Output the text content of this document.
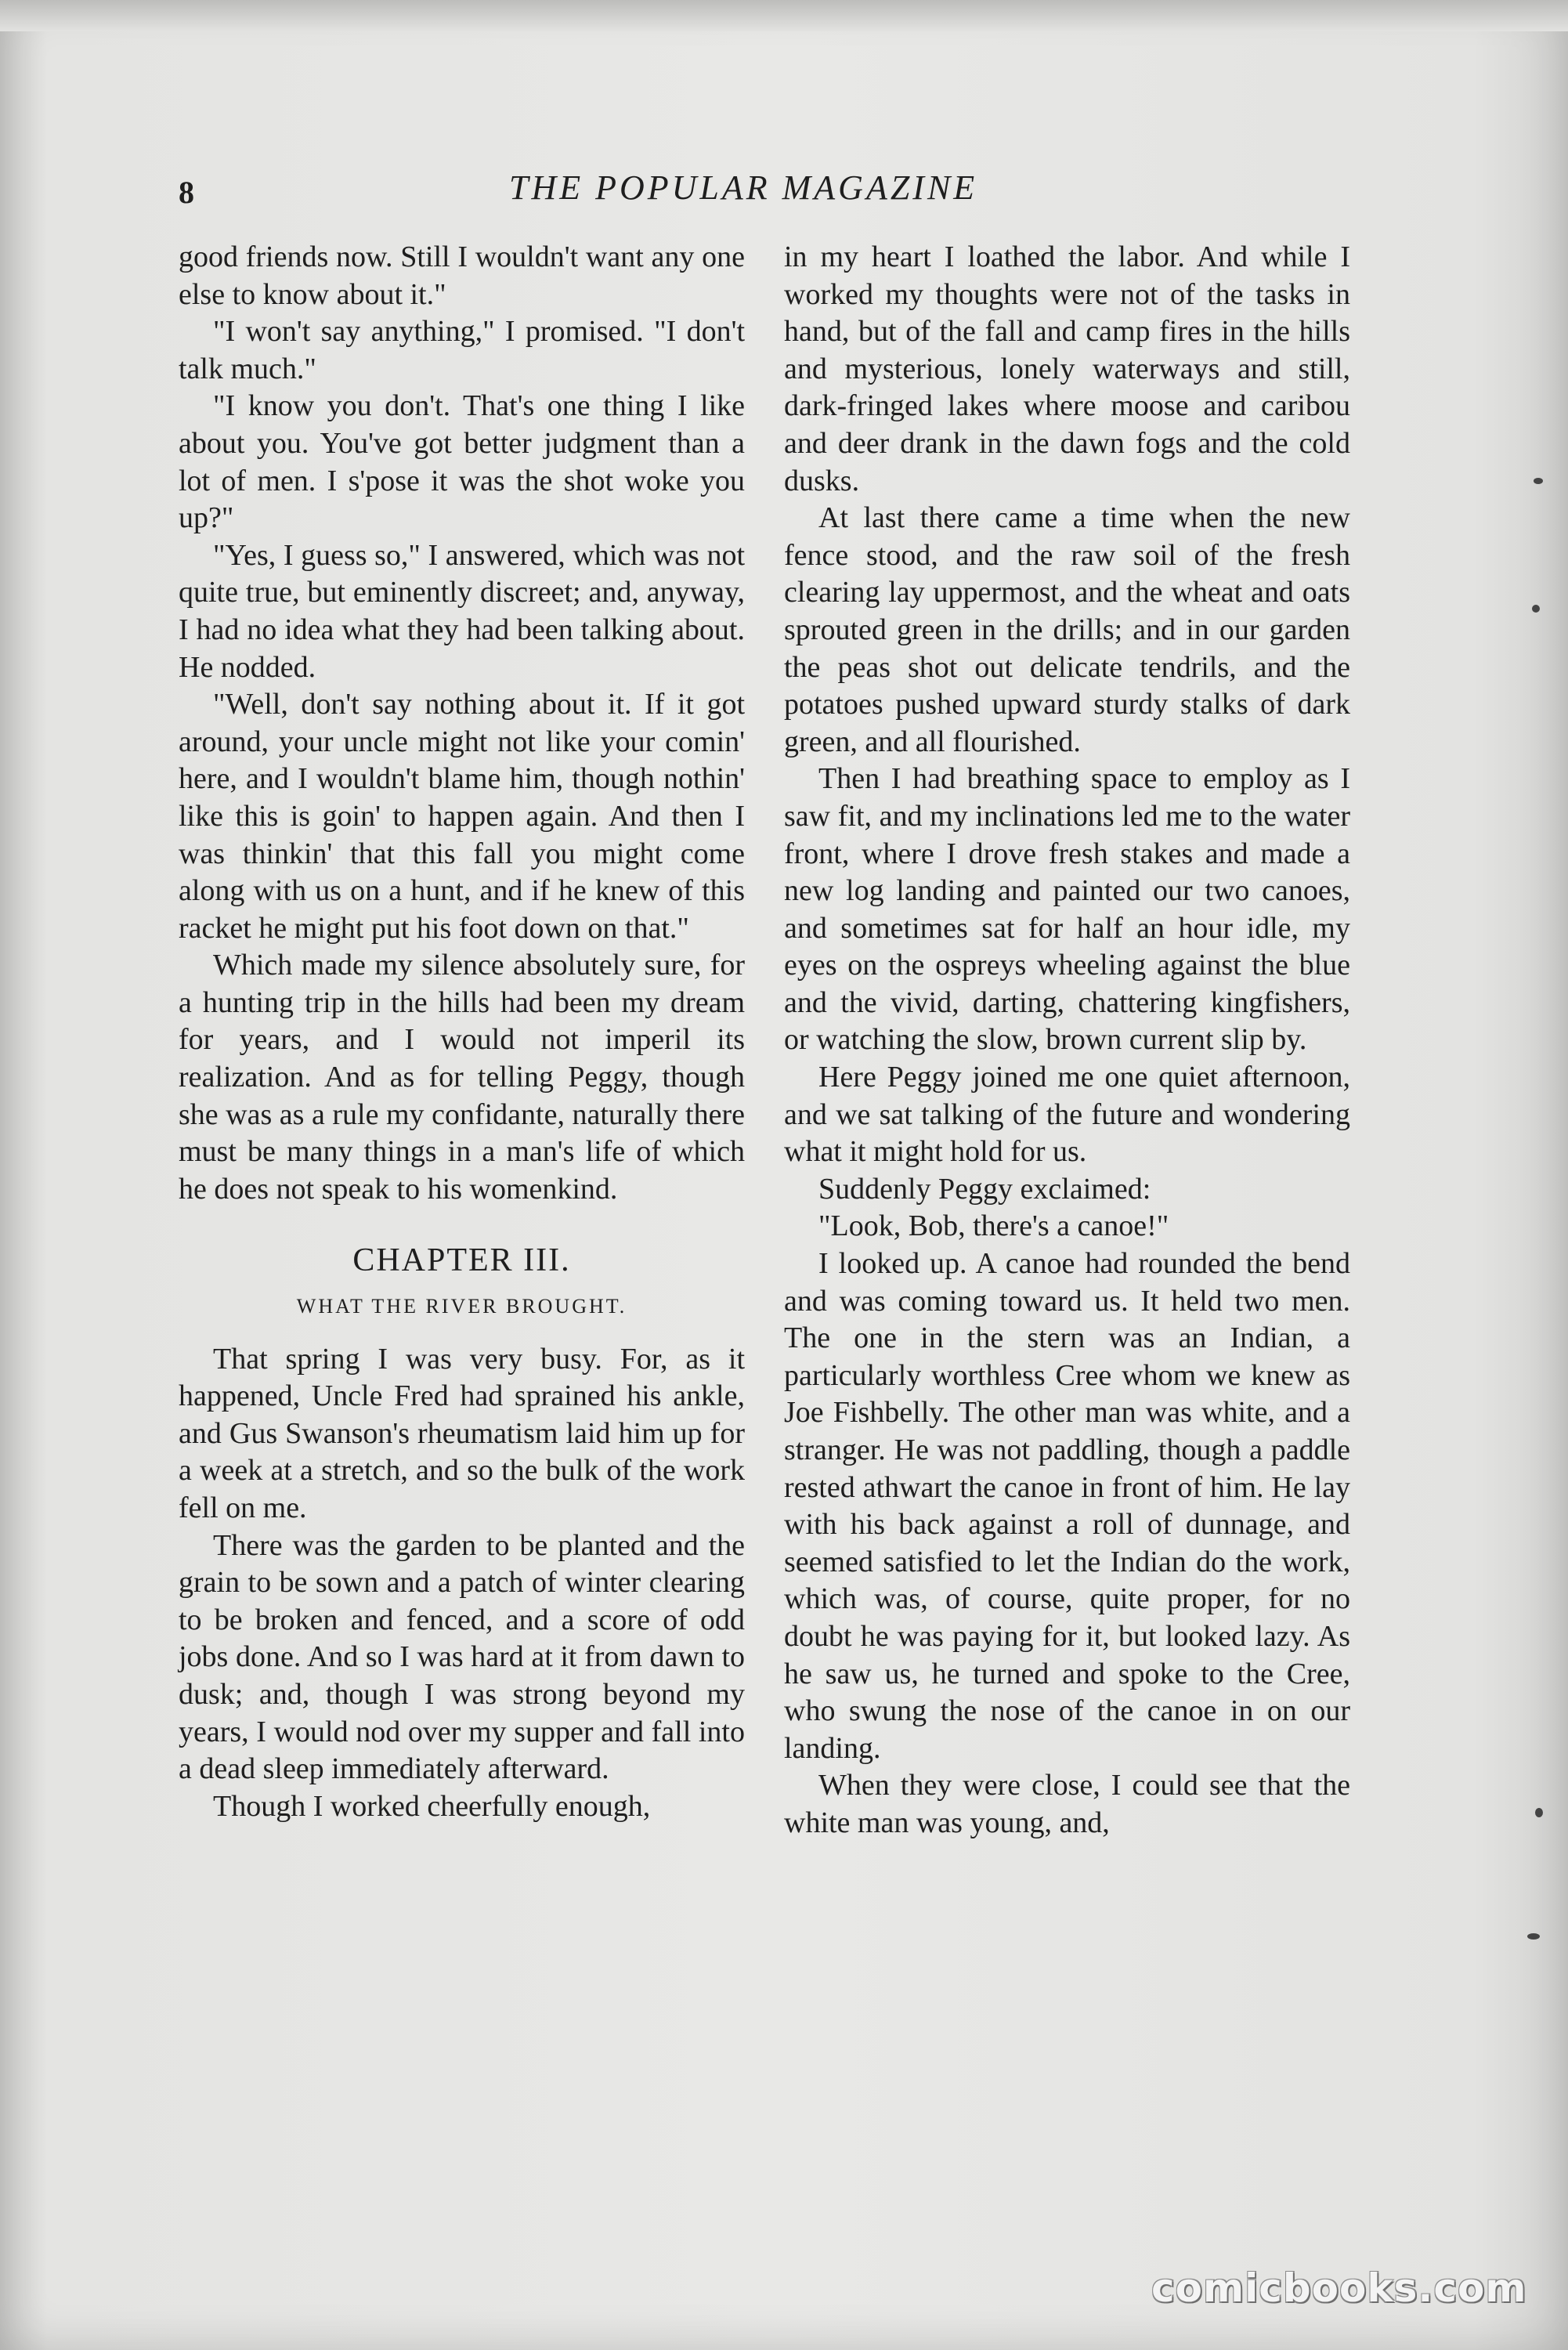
8	THE POPULAR MAGAZINE

good friends now. Still I wouldn't want any one else to know about it."

"I won't say anything," I promised. "I don't talk much."

"I know you don't. That's one thing I like about you. You've got better judgment than a lot of men. I s'pose it was the shot woke you up?"

"Yes, I guess so," I answered, which was not quite true, but eminently discreet; and, anyway, I had no idea what they had been talking about. He nodded.

"Well, don't say nothing about it. If it got around, your uncle might not like your comin' here, and I wouldn't blame him, though nothin' like this is goin' to happen again. And then I was thinkin' that this fall you might come along with us on a hunt, and if he knew of this racket he might put his foot down on that."

Which made my silence absolutely sure, for a hunting trip in the hills had been my dream for years, and I would not imperil its realization. And as for telling Peggy, though she was as a rule my confidante, naturally there must be many things in a man's life of which he does not speak to his womenkind.

CHAPTER III.
WHAT THE RIVER BROUGHT.

That spring I was very busy. For, as it happened, Uncle Fred had sprained his ankle, and Gus Swanson's rheumatism laid him up for a week at a stretch, and so the bulk of the work fell on me.

There was the garden to be planted and the grain to be sown and a patch of winter clearing to be broken and fenced, and a score of odd jobs done. And so I was hard at it from dawn to dusk; and, though I was strong beyond my years, I would nod over my supper and fall into a dead sleep immediately afterward.

Though I worked cheerfully enough,

in my heart I loathed the labor. And while I worked my thoughts were not of the tasks in hand, but of the fall and camp fires in the hills and mysterious, lonely waterways and still, dark-fringed lakes where moose and caribou and deer drank in the dawn fogs and the cold dusks.

At last there came a time when the new fence stood, and the raw soil of the fresh clearing lay uppermost, and the wheat and oats sprouted green in the drills; and in our garden the peas shot out delicate tendrils, and the potatoes pushed upward sturdy stalks of dark green, and all flourished.

Then I had breathing space to employ as I saw fit, and my inclinations led me to the water front, where I drove fresh stakes and made a new log landing and painted our two canoes, and sometimes sat for half an hour idle, my eyes on the ospreys wheeling against the blue and the vivid, darting, chattering kingfishers, or watching the slow, brown current slip by.

Here Peggy joined me one quiet afternoon, and we sat talking of the future and wondering what it might hold for us.

Suddenly Peggy exclaimed:

"Look, Bob, there's a canoe!"

I looked up. A canoe had rounded the bend and was coming toward us. It held two men. The one in the stern was an Indian, a particularly worthless Cree whom we knew as Joe Fishbelly. The other man was white, and a stranger. He was not paddling, though a paddle rested athwart the canoe in front of him. He lay with his back against a roll of dunnage, and seemed satisfied to let the Indian do the work, which was, of course, quite proper, for no doubt he was paying for it, but looked lazy. As he saw us, he turned and spoke to the Cree, who swung the nose of the canoe in on our landing.

When they were close, I could see that the white man was young, and,

comicbooks.com
